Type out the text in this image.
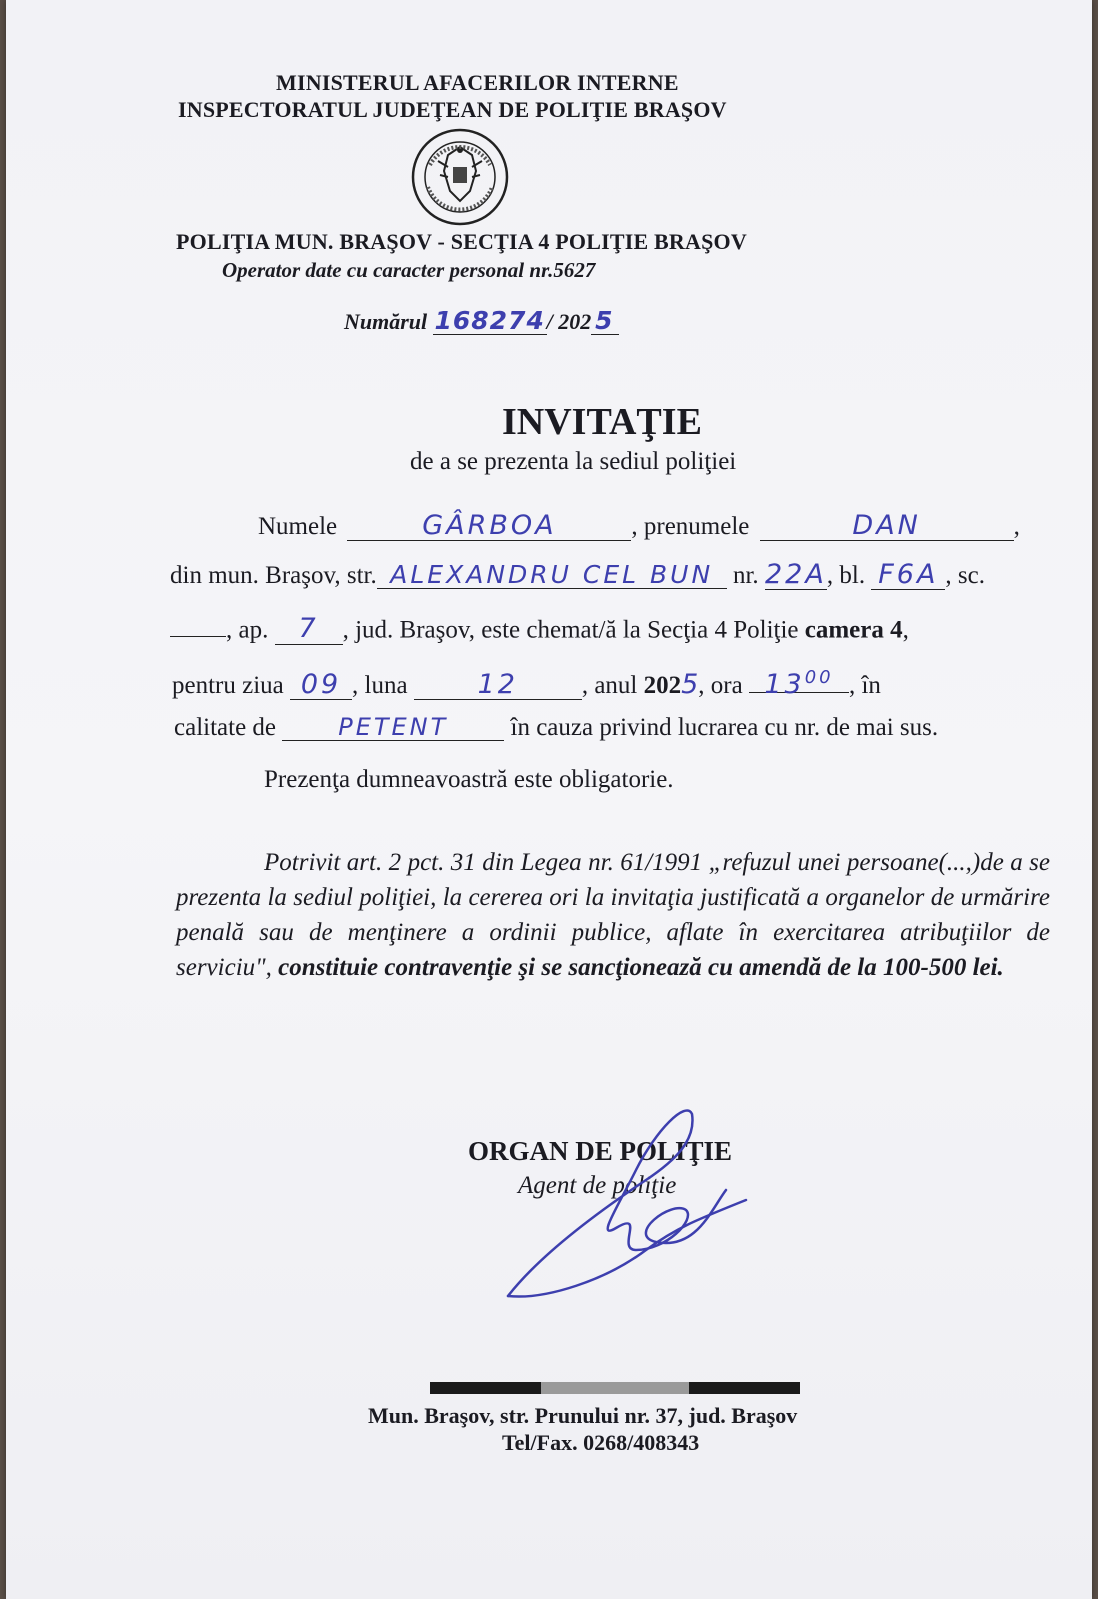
MINISTERUL AFACERILOR INTERNE
INSPECTORATUL JUDEŢEAN DE POLIŢIE BRAŞOV
POLIŢIA MUN. BRAŞOV - SECŢIA 4 POLIŢIE BRAŞOV
Operator date cu caracter personal nr.5627
Numărul 168274/ 202 5
INVITAŢIE
de a se prezenta la sediul poliţiei
Numele	GÂRBOA	, prenumele	DAN	,
din mun. Braşov, str. ALEXANDRU CEL BUN nr. 22A, bl. F6A , sc.
, ap. 7 , jud. Braşov, este chemat/ă la Secţia 4 Poliţie camera 4,
pentru ziua 09 , luna	12	, anul 2025, ora $13^{00}$ , în
calitate de	PETENT în cauza privind lucrarea cu nr. de mai sus.
Prezenţa dumneavoastră este obligatorie.
Potrivit art. 2 pct. 31 din Legea nr. 61/1991 „refuzul unei persoane(...,)de a se prezenta la sediul poliţiei, la cererea ori la invitaţia justificată a organelor de urmărire penală sau de menţinere a ordinii publice, aflate în exercitarea atribuţiilor de serviciu", constituie contravenţie şi se sancţionează cu amendă de la 100-500 lei.
ORGAN DE POLIŢIE
Agent de poliţie
Mun. Braşov, str. Prunului nr. 37, jud. Braşov
Tel/Fax. 0268/408343
